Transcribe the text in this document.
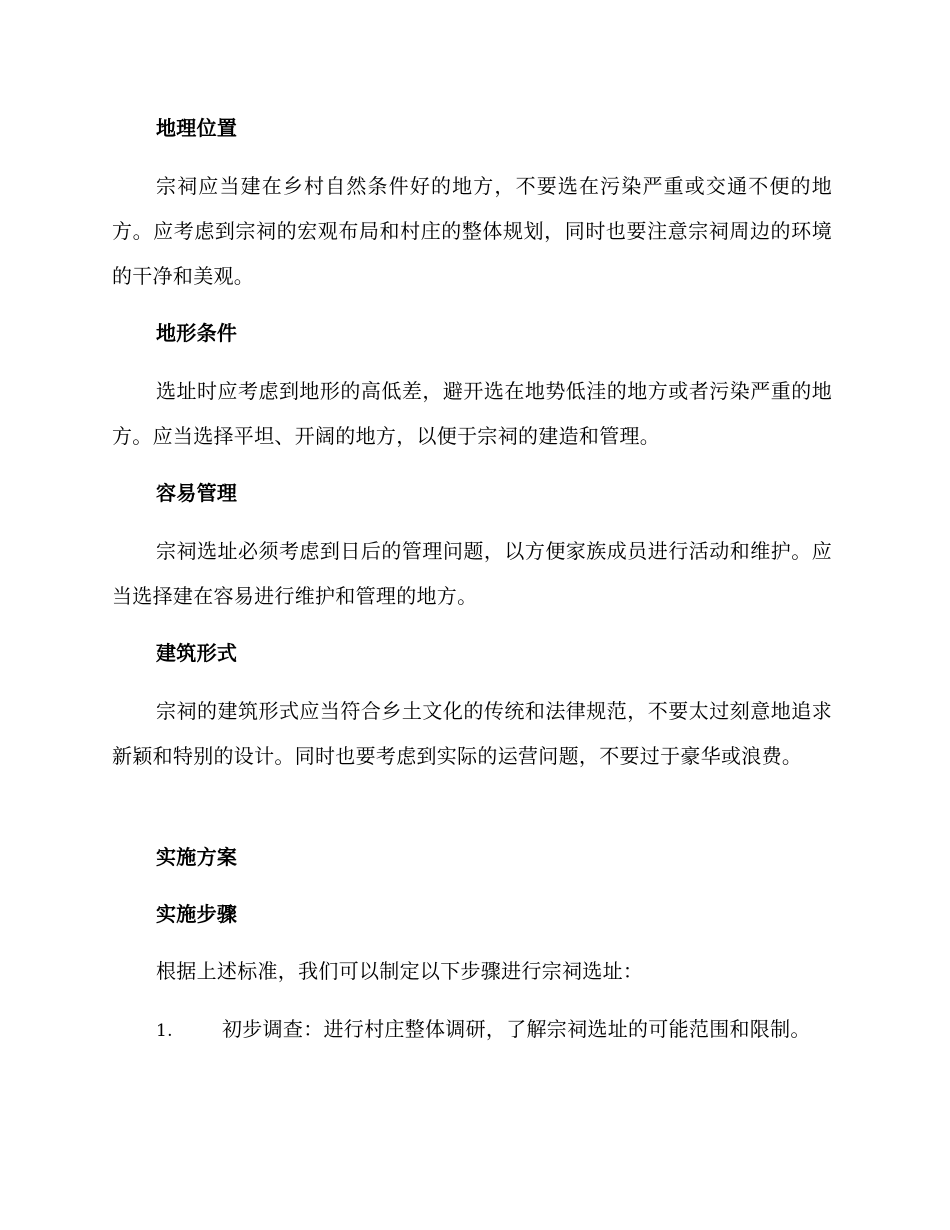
地理位置

宗祠应当建在乡村自然条件好的地方，不要选在污染严重或交通不便的地方。应考虑到宗祠的宏观布局和村庄的整体规划，同时也要注意宗祠周边的环境的干净和美观。

地形条件

选址时应考虑到地形的高低差，避开选在地势低洼的地方或者污染严重的地方。应当选择平坦、开阔的地方，以便于宗祠的建造和管理。

容易管理

宗祠选址必须考虑到日后的管理问题，以方便家族成员进行活动和维护。应当选择建在容易进行维护和管理的地方。

建筑形式

宗祠的建筑形式应当符合乡土文化的传统和法律规范，不要太过刻意地追求新颖和特别的设计。同时也要考虑到实际的运营问题，不要过于豪华或浪费。

实施方案
实施步骤

根据上述标准，我们可以制定以下步骤进行宗祠选址：

1. 初步调查：进行村庄整体调研，了解宗祠选址的可能范围和限制。
